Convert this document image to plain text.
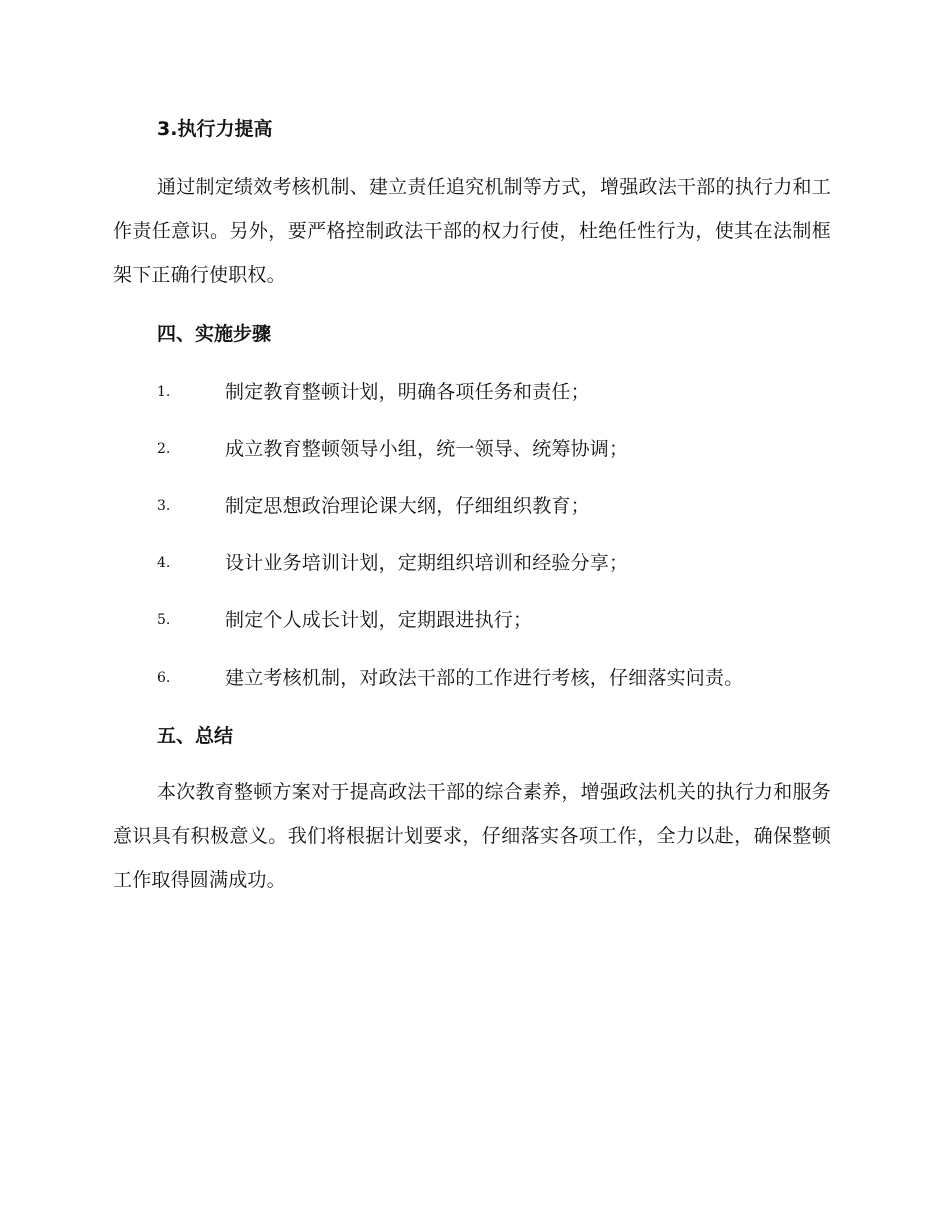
3.执行力提高

通过制定绩效考核机制、建立责任追究机制等方式，增强政法干部的执行力和工作责任意识。另外，要严格控制政法干部的权力行使，杜绝任性行为，使其在法制框架下正确行使职权。

四、实施步骤
1.	制定教育整顿计划，明确各项任务和责任；
2.	成立教育整顿领导小组，统一领导、统筹协调；
3.	制定思想政治理论课大纲，仔细组织教育；
4.	设计业务培训计划，定期组织培训和经验分享；
5.	制定个人成长计划，定期跟进执行；
6.	建立考核机制，对政法干部的工作进行考核，仔细落实问责。
五、总结

本次教育整顿方案对于提高政法干部的综合素养，增强政法机关的执行力和服务意识具有积极意义。我们将根据计划要求，仔细落实各项工作，全力以赴，确保整顿工作取得圆满成功。
